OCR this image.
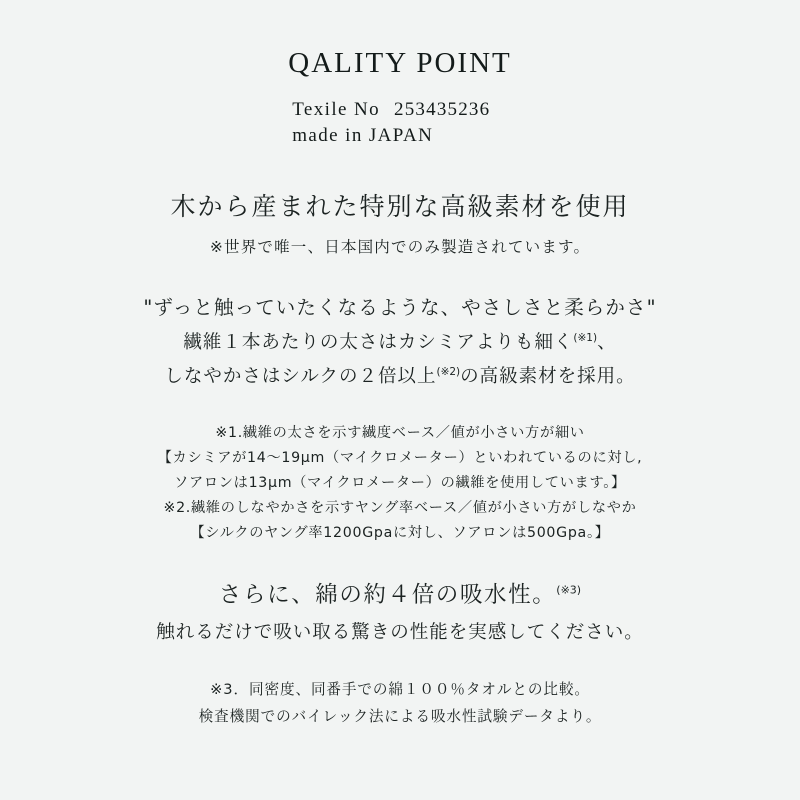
QALITY POINT
Texile No 253435236
made in JAPAN
木から産まれた特別な高級素材を使用
※世界で唯一、日本国内でのみ製造されています。
"ずっと触っていたくなるような、やさしさと柔らかさ"
繊維１本あたりの太さはカシミアよりも細く$^{(※1)}$、
しなやかさはシルクの２倍以上$^{(※2)}$の高級素材を採用。
※1.繊維の太さを示す繊度ベース／値が小さい方が細い
【カシミアが14〜19μm（マイクロメーター）といわれているのに対し,
ソアロンは13μm（マイクロメーター）の繊維を使用しています。】
※2.繊維のしなやかさを示すヤング率ベース／値が小さい方がしなやか
【シルクのヤング率1200Gpaに対し、ソアロンは500Gpa。】
さらに、綿の約４倍の吸水性。$^{(※3)}$
触れるだけで吸い取る驚きの性能を実感してください。
※3．同密度、同番手での綿１００％タオルとの比較。
検査機関でのバイレック法による吸水性試験データより。
